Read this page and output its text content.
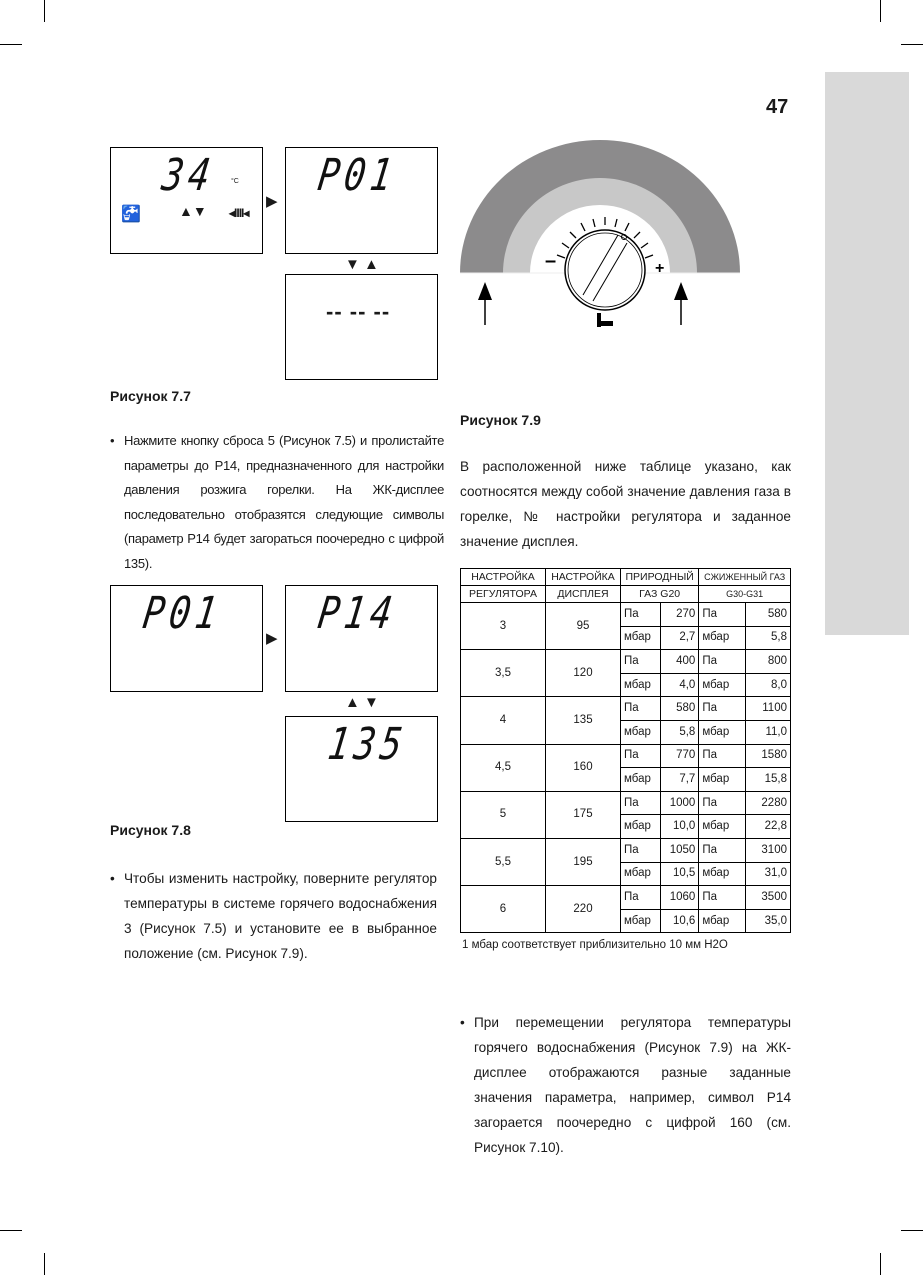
47
34 °C
🚰	▲▼ ◂IIII◂
▶
P01
▼ ▲
-- -- --
Рисунок 7.7
• Нажмите кнопку сброса 5 (Рисунок 7.5) и пролистайте параметры до P14, предназначенного для настройки давления розжига горелки. На ЖК-дисплее последовательно отобразятся следующие символы (параметр P14 будет загораться поочередно с цифрой 135).
P01	▶ P14
▲ ▼
135
Рисунок 7.8
• Чтобы изменить настройку, поверните регулятор температуры в системе горячего водоснабжения 3 (Рисунок 7.5) и установите ее в выбранное положение (см. Рисунок 7.9).
–	+
Рисунок 7.9
В расположенной ниже таблице указано, как соотносятся между собой значение давления газа в горелке, № настройки регулятора и заданное значение дисплея.
НАСТРОЙКА	НАСТРОЙКА	ПРИРОДНЫЙ		СЖИЖЕННЫЙ ГАЗ	
РЕГУЛЯТОРА	ДИСПЛЕЯ	ГАЗ G20		G30-G31	
3	95	Па	270	Па	580
		мбар	2,7	мбар	5,8
3,5	120	Па	400	Па	800
		мбар	4,0	мбар	8,0
4	135	Па	580	Па	1100
		мбар	5,8	мбар	11,0
4,5	160	Па	770	Па	1580
		мбар	7,7	мбар	15,8
5	175	Па	1000	Па	2280
		мбар	10,0	мбар	22,8
5,5	195	Па	1050	Па	3100
		мбар	10,5	мбар	31,0
6	220	Па	1060	Па	3500
		мбар	10,6	мбар	35,0
1 мбар соответствует приблизительно 10 мм H2O
• При перемещении регулятора температуры горячего водоснабжения (Рисунок 7.9) на ЖК-дисплее отображаются разные заданные значения параметра, например, символ P14 загорается поочередно с цифрой 160 (см. Рисунок 7.10).
